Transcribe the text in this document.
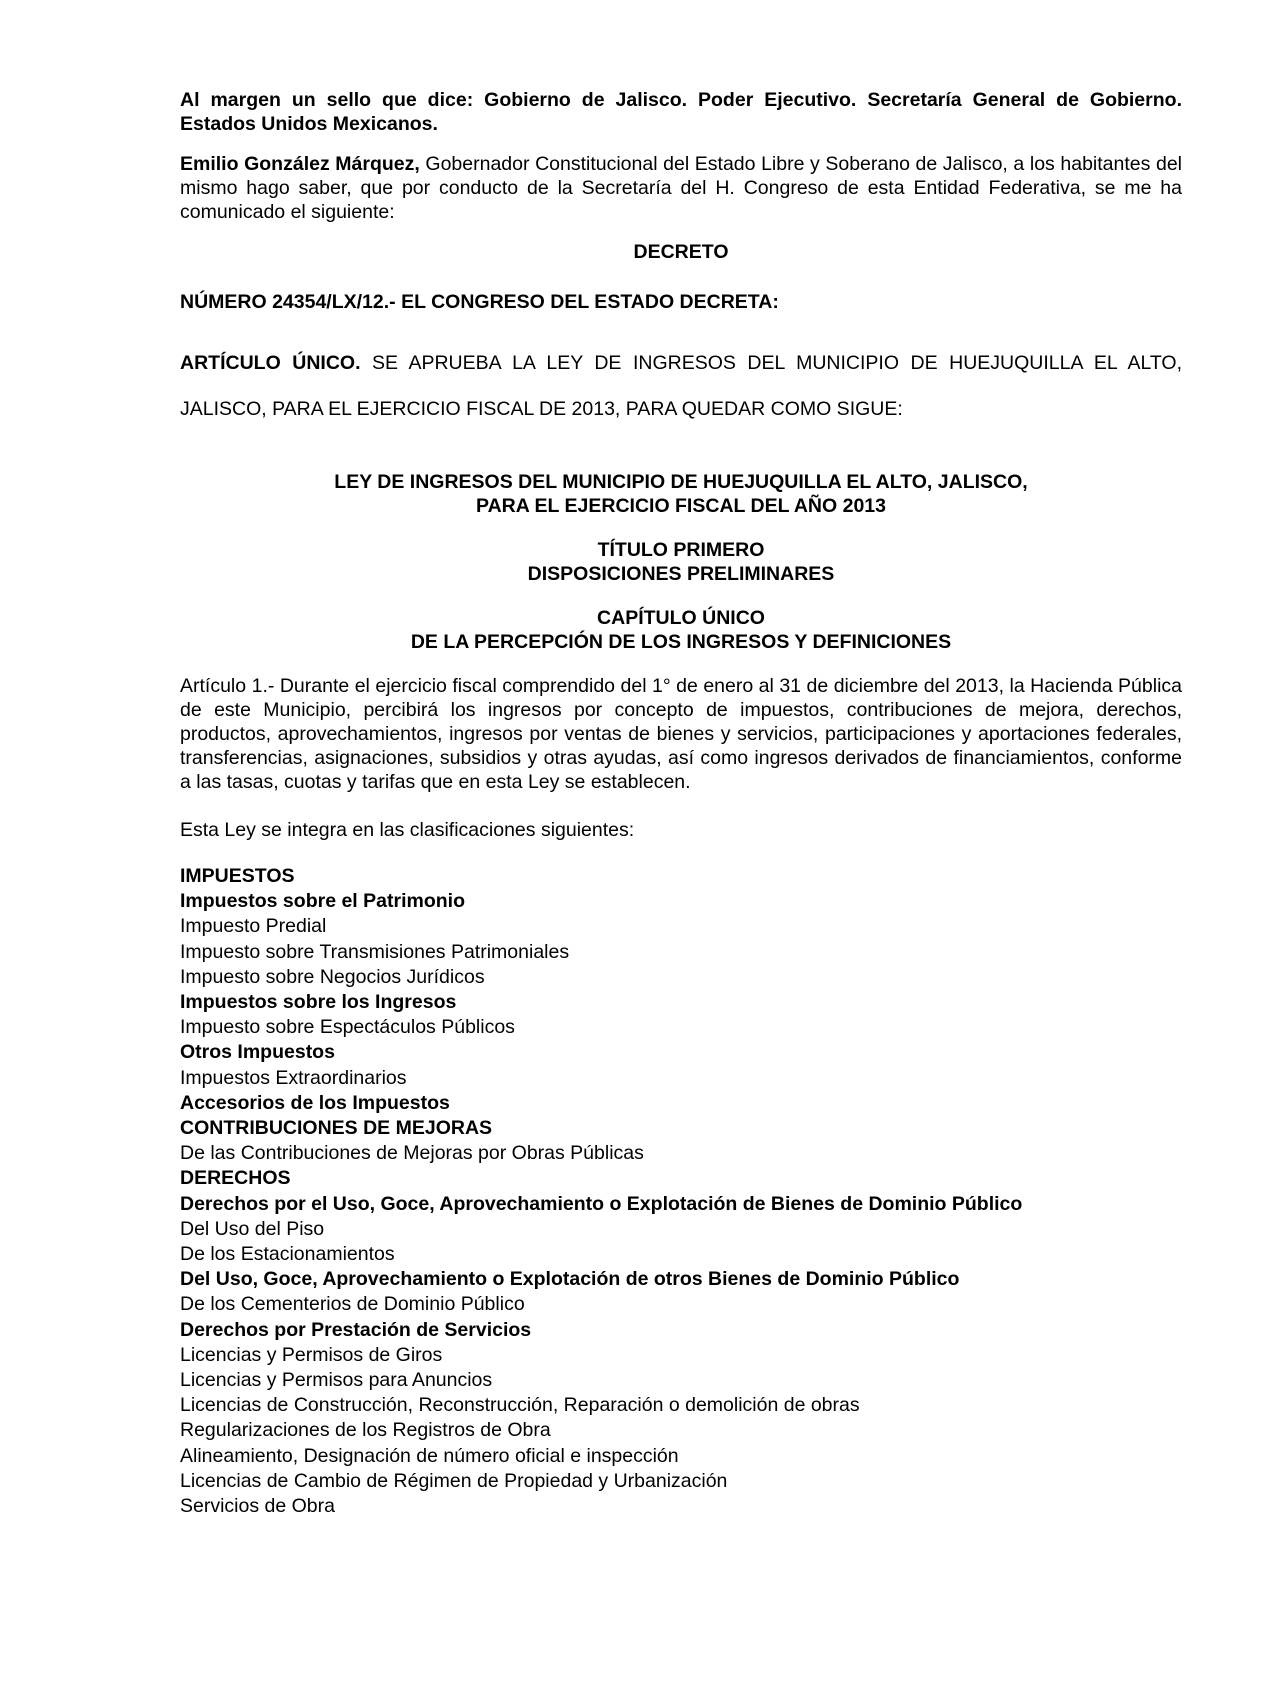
Al margen un sello que dice: Gobierno de Jalisco. Poder Ejecutivo. Secretaría General de Gobierno. Estados Unidos Mexicanos.

Emilio González Márquez, Gobernador Constitucional del Estado Libre y Soberano de Jalisco, a los habitantes del mismo hago saber, que por conducto de la Secretaría del H. Congreso de esta Entidad Federativa, se me ha comunicado el siguiente:

DECRETO

NÚMERO 24354/LX/12.- EL CONGRESO DEL ESTADO DECRETA:

ARTÍCULO ÚNICO. SE APRUEBA LA LEY DE INGRESOS DEL MUNICIPIO DE HUEJUQUILLA EL ALTO, JALISCO, PARA EL EJERCICIO FISCAL DE 2013, PARA QUEDAR COMO SIGUE:

LEY DE INGRESOS DEL MUNICIPIO DE HUEJUQUILLA EL ALTO, JALISCO,

PARA EL EJERCICIO FISCAL DEL AÑO 2013

TÍTULO PRIMERO

DISPOSICIONES PRELIMINARES

CAPÍTULO ÚNICO

DE LA PERCEPCIÓN DE LOS INGRESOS Y DEFINICIONES

Artículo 1.- Durante el ejercicio fiscal comprendido del 1° de enero al 31 de diciembre del 2013, la Hacienda Pública de este Municipio, percibirá los ingresos por concepto de impuestos, contribuciones de mejora, derechos, productos, aprovechamientos, ingresos por ventas de bienes y servicios, participaciones y aportaciones federales, transferencias, asignaciones, subsidios y otras ayudas, así como ingresos derivados de financiamientos, conforme a las tasas, cuotas y tarifas que en esta Ley se establecen.

Esta Ley se integra en las clasificaciones siguientes:

IMPUESTOS
Impuestos sobre el Patrimonio
Impuesto Predial
Impuesto sobre Transmisiones Patrimoniales
Impuesto sobre Negocios Jurídicos
Impuestos sobre los Ingresos
Impuesto sobre Espectáculos Públicos
Otros Impuestos
Impuestos Extraordinarios
Accesorios de los Impuestos
CONTRIBUCIONES DE MEJORAS
De las Contribuciones de Mejoras por Obras Públicas
DERECHOS
Derechos por el Uso, Goce, Aprovechamiento o Explotación de Bienes de Dominio Público
Del Uso del Piso
De los Estacionamientos
Del Uso, Goce, Aprovechamiento o Explotación de otros Bienes de Dominio Público
De los Cementerios de Dominio Público
Derechos por Prestación de Servicios
Licencias y Permisos de Giros
Licencias y Permisos para Anuncios
Licencias de Construcción, Reconstrucción, Reparación o demolición de obras
Regularizaciones de los Registros de Obra
Alineamiento, Designación de número oficial e inspección
Licencias de Cambio de Régimen de Propiedad y Urbanización
Servicios de Obra
